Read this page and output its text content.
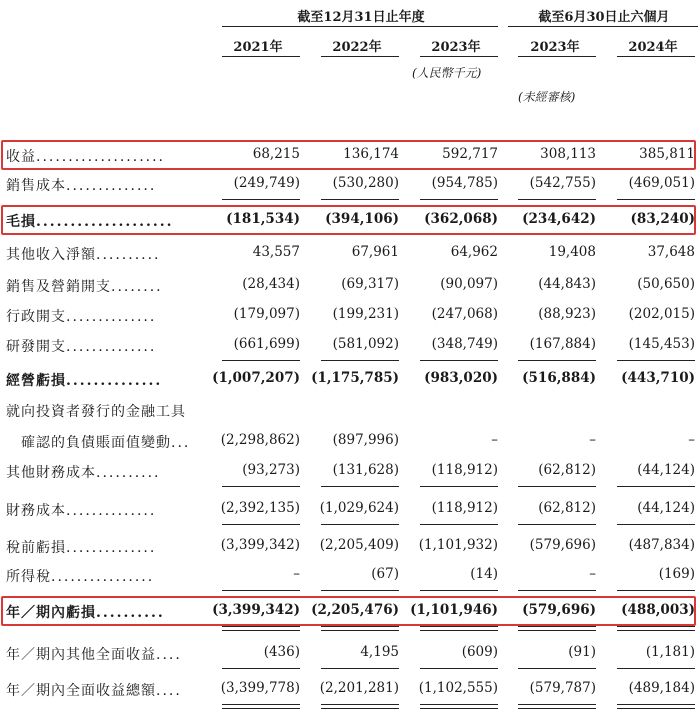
截至12月31日止年度	截至6月30日止六個月
2021年	2022年	2023年	2023年	2024年
(人民幣千元)
(未經審核)
收益....................	68,215	136,174	592,717	308,113	385,811
銷售成本..............	(249,749)	(530,280)	(954,785)	(542,755)	(469,051)
毛損....................	(181,534)	(394,106)	(362,068)	(234,642)	(83,240)
其他收入淨額..........	43,557	67,961	64,962	19,408	37,648
銷售及營銷開支........	(28,434)	(69,317)	(90,097)	(44,843)	(50,650)
行政開支..............	(179,097)	(199,231)	(247,068)	(88,923)	(202,015)
研發開支..............	(661,699)	(581,092)	(348,749)	(167,884)	(145,453)
經營虧損..............	(1,007,207) (1,175,785)	(983,020)	(516,884)	(443,710)
就向投資者發行的金融工具
　確認的負債賬面值變動...	(2,298,862)	(897,996)	–	–	–
其他財務成本..........	(93,273)	(131,628)	(118,912)	(62,812)	(44,124)
財務成本..............	(2,392,135)	(1,029,624)	(118,912)	(62,812)	(44,124)
稅前虧損..............	(3,399,342)	(2,205,409)	(1,101,932)	(579,696)	(487,834)
所得稅................	–	(67)	(14)	–	(169)
年／期內虧損..........	(3,399,342) (2,205,476) (1,101,946)	(579,696)	(488,003)
年／期內其他全面收益....	(436)	4,195	(609)	(91)	(1,181)
年／期內全面收益總額....	(3,399,778)	(2,201,281)	(1,102,555)	(579,787)	(489,184)
